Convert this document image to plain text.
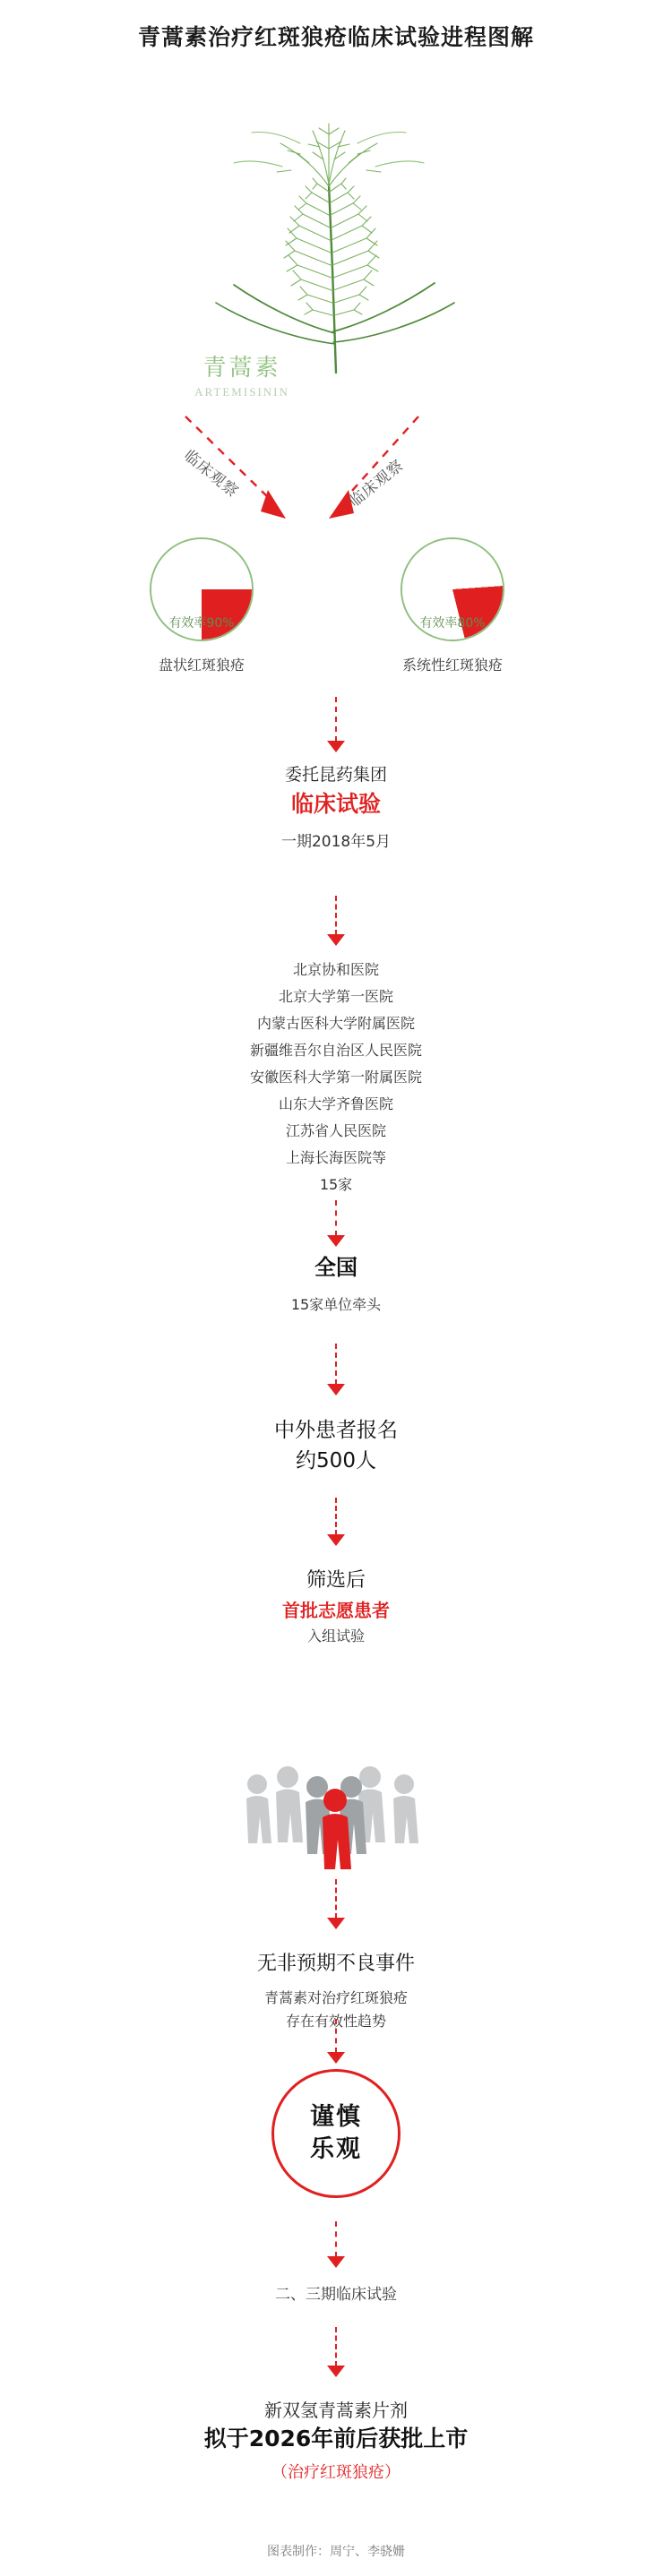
青蒿素治疗红斑狼疮临床试验进程图解
青蒿素
ARTEMISININ
临床观察	临床观察
有效率90%
盘状红斑狼疮
有效率80%
系统性红斑狼疮
委托昆药集团
临床试验
一期2018年5月
北京协和医院
北京大学第一医院
内蒙古医科大学附属医院
新疆维吾尔自治区人民医院
安徽医科大学第一附属医院
山东大学齐鲁医院
江苏省人民医院
上海长海医院等
15家
全国
15家单位牵头
中外患者报名
约500人
筛选后
首批志愿患者
入组试验
无非预期不良事件
青蒿素对治疗红斑狼疮
存在有效性趋势
谨慎
乐观
二、三期临床试验
新双氢青蒿素片剂
拟于2026年前后获批上市
（治疗红斑狼疮）
图表制作：周宁、李骁姗
